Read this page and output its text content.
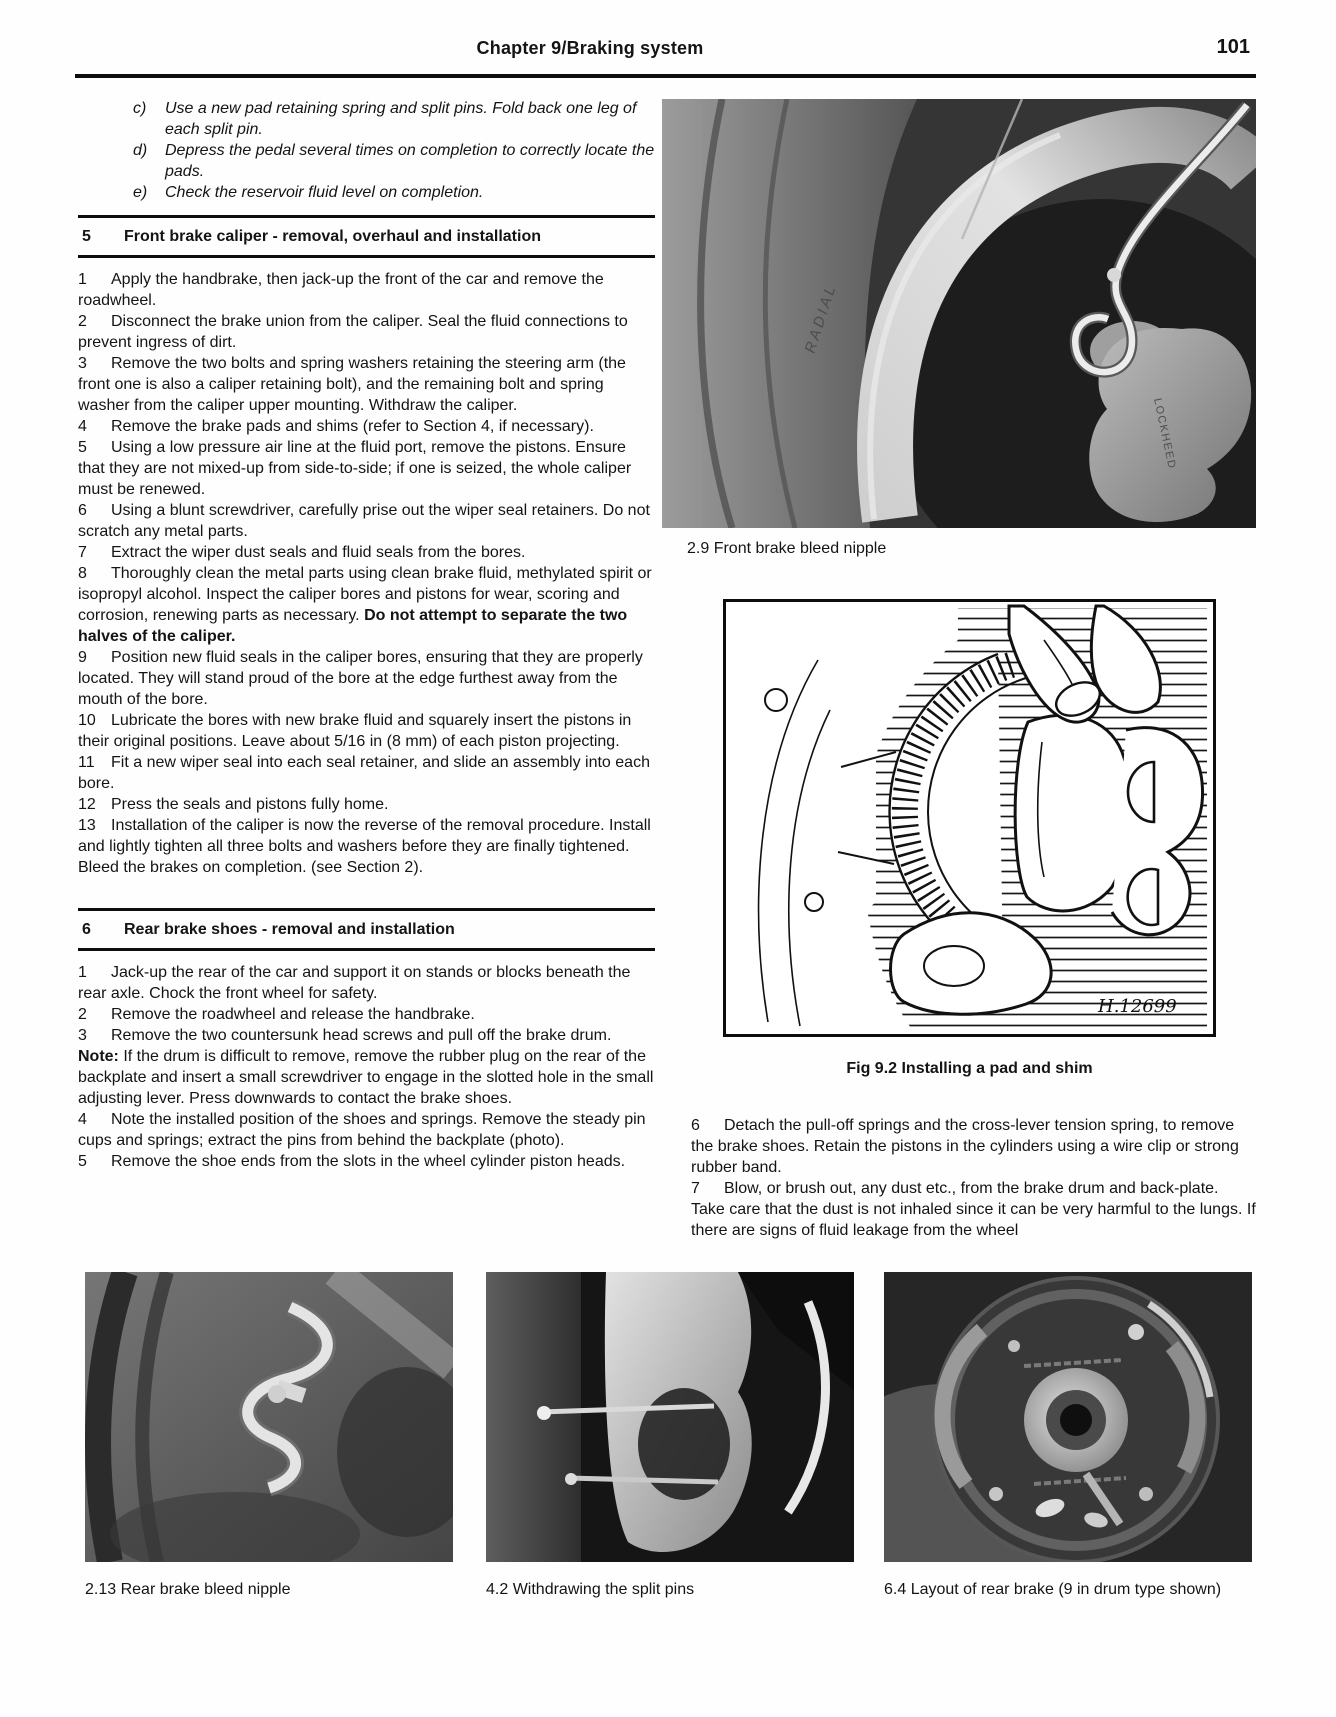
Chapter 9/Braking system	101

c) Use a new pad retaining spring and split pins. Fold back one leg of each split pin.

d) Depress the pedal several times on completion to correctly locate the pads.

e) Check the reservoir fluid level on completion.

5 Front brake caliper - removal, overhaul and installation

1 Apply the handbrake, then jack-up the front of the car and remove the roadwheel.

2 Disconnect the brake union from the caliper. Seal the fluid connections to prevent ingress of dirt.

3 Remove the two bolts and spring washers retaining the steering arm (the front one is also a caliper retaining bolt), and the remaining bolt and spring washer from the caliper upper mounting. Withdraw the caliper.

4 Remove the brake pads and shims (refer to Section 4, if necessary).

5 Using a low pressure air line at the fluid port, remove the pistons. Ensure that they are not mixed-up from side-to-side; if one is seized, the whole caliper must be renewed.

6 Using a blunt screwdriver, carefully prise out the wiper seal retainers. Do not scratch any metal parts.

7 Extract the wiper dust seals and fluid seals from the bores.

8 Thoroughly clean the metal parts using clean brake fluid, methylated spirit or isopropyl alcohol. Inspect the caliper bores and pistons for wear, scoring and corrosion, renewing parts as necessary. Do not attempt to separate the two halves of the caliper.

9 Position new fluid seals in the caliper bores, ensuring that they are properly located. They will stand proud of the bore at the edge furthest away from the mouth of the bore.

10 Lubricate the bores with new brake fluid and squarely insert the pistons in their original positions. Leave about 5/16 in (8 mm) of each piston projecting.

11 Fit a new wiper seal into each seal retainer, and slide an assembly into each bore.

12 Press the seals and pistons fully home.

13 Installation of the caliper is now the reverse of the removal procedure. Install and lightly tighten all three bolts and washers before they are finally tightened. Bleed the brakes on completion. (see Section 2).

6 Rear brake shoes - removal and installation

1 Jack-up the rear of the car and support it on stands or blocks beneath the rear axle. Chock the front wheel for safety.

2 Remove the roadwheel and release the handbrake.

3 Remove the two countersunk head screws and pull off the brake drum. Note: If the drum is difficult to remove, remove the rubber plug on the rear of the backplate and insert a small screwdriver to engage in the slotted hole in the small adjusting lever. Press downwards to contact the brake shoes.

4 Note the installed position of the shoes and springs. Remove the steady pin cups and springs; extract the pins from behind the backplate (photo).

5 Remove the shoe ends from the slots in the wheel cylinder piston heads.

RADIAL
LOCKHEED
2.9 Front brake bleed nipple
H.12699
Fig 9.2 Installing a pad and shim

6 Detach the pull-off springs and the cross-lever tension spring, to remove the brake shoes. Retain the pistons in the cylinders using a wire clip or strong rubber band.

7 Blow, or brush out, any dust etc., from the brake drum and back-plate. Take care that the dust is not inhaled since it can be very harmful to the lungs. If there are signs of fluid leakage from the wheel

2.13 Rear brake bleed nipple	4.2 Withdrawing the split pins	6.4 Layout of rear brake (9 in drum type shown)
